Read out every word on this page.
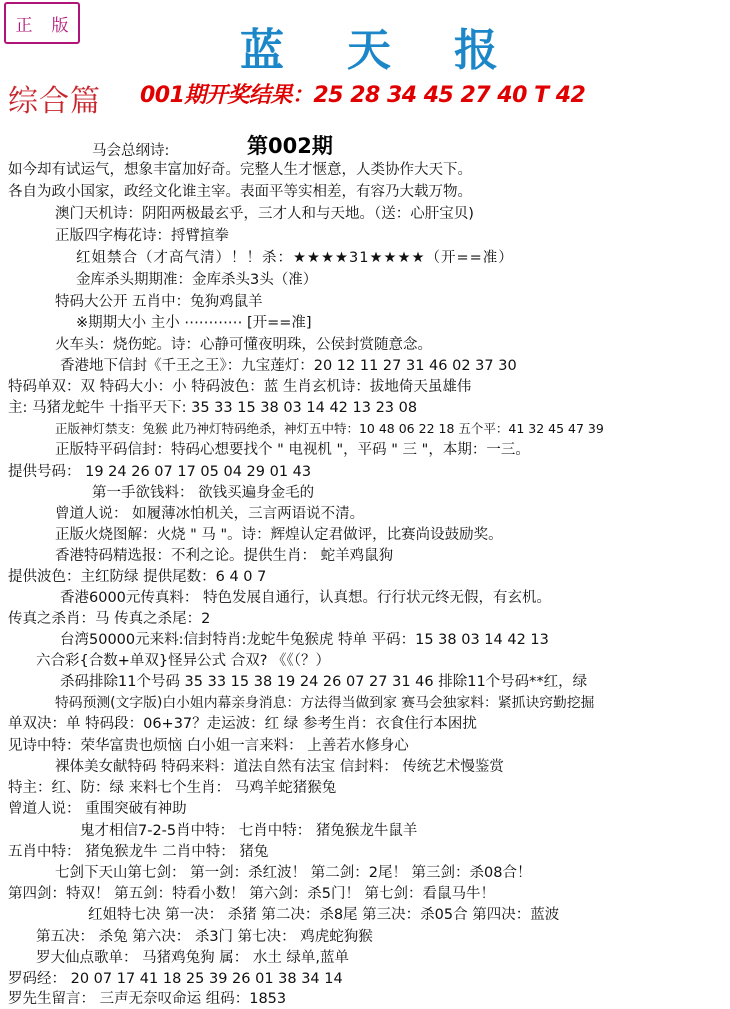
正 版	蓝 天 报
综合篇 001期开奖结果：25 28 34 45 27 40 T 42
第002期
马会总纲诗:
如今却有试运气，想象丰富加好奇。完整人生才惬意，人类协作大天下。
各自为政小国家，政经文化谁主宰。表面平等实相差，有容乃大载万物。
澳门天机诗：阴阳两极最玄乎，三才人和与天地。（送：心肝宝贝)
正版四字梅花诗：捋臂揎拳
红姐禁合（才高气清）！！杀：★★★★31★★★★（开==准）
金库杀头期期准：金库杀头3头（准）
特码大公开 五肖中：兔狗鸡鼠羊
※期期大小 主小 ⋯⋯⋯⋯ [开==准]
火车头：烧伤蛇。诗：心静可懂夜明珠，公侯封赏随意念。
香港地下信封《千王之王》：九宝莲灯：20 12 11 27 31 46 02 37 30
特码单双：双 特码大小：小 特码波色：蓝 生肖玄机诗：拔地倚天虽雄伟
主: 马猪龙蛇牛 十指平天下: 35 33 15 38 03 14 42 13 23 08
正版神灯禁支：兔猴 此乃神灯特码绝杀，神灯五中特：10 48 06 22 18 五个平：41 32 45 47 39
正版特平码信封：特码心想要找个 " 电视机 "，平码 " 三 "，本期：一三。
提供号码： 19 24 26 07 17 05 04 29 01 43
第一手欲钱料： 欲钱买遍身金毛的
曾道人说： 如履薄冰怕机关，三言两语说不清。
正版火烧图解：火烧 " 马 "。诗：辉煌认定君做评，比赛尚设鼓励奖。
香港特码精选报：不利之论。提供生肖： 蛇羊鸡鼠狗
提供波色：主红防绿 提供尾数：6 4 0 7
香港6000元传真料： 特色发展自通行，认真想。行行状元终无假，有玄机。
传真之杀肖：马 传真之杀尾：2
台湾50000元来料:信封特肖:龙蛇牛兔猴虎 特单 平码：15 38 03 14 42 13
六合彩{合数+单双}怪异公式 合双? 《《（？）
杀码排除11个号码 35 33 15 38 19 24 26 07 27 31 46 排除11个号码**红，绿
特码预测(文字版)白小姐内幕亲身消息：方法得当做到家 赛马会独家料：紧抓诀窍勤挖掘
单双决：单 特码段：06+37？走运波：红 绿 参考生肖：衣食住行本困扰
见诗中特：荣华富贵也烦恼 白小姐一言来料： 上善若水修身心
裸体美女献特码 特码来料：道法自然有法宝 信封料： 传统艺术慢鉴赏
特主：红、防：绿 来料七个生肖： 马鸡羊蛇猪猴兔
曾道人说： 重围突破有神助
鬼才相信7-2-5肖中特： 七肖中特： 猪兔猴龙牛鼠羊
五肖中特： 猪兔猴龙牛 二肖中特： 猪兔
七剑下天山第七剑： 第一剑：杀红波！ 第二剑：2尾！ 第三剑：杀08合！
第四剑：特双！ 第五剑：特看小数！ 第六剑：杀5门！ 第七剑：看鼠马牛！
红姐特七决 第一决： 杀猪 第二决：杀8尾 第三决：杀05合 第四决：蓝波
第五决： 杀兔 第六决： 杀3门 第七决： 鸡虎蛇狗猴
罗大仙点歌单： 马猪鸡兔狗 属： 水土 绿单,蓝单
罗码经： 20 07 17 41 18 25 39 26 01 38 34 14
罗先生留言： 三声无奈叹命运 组码：1853
